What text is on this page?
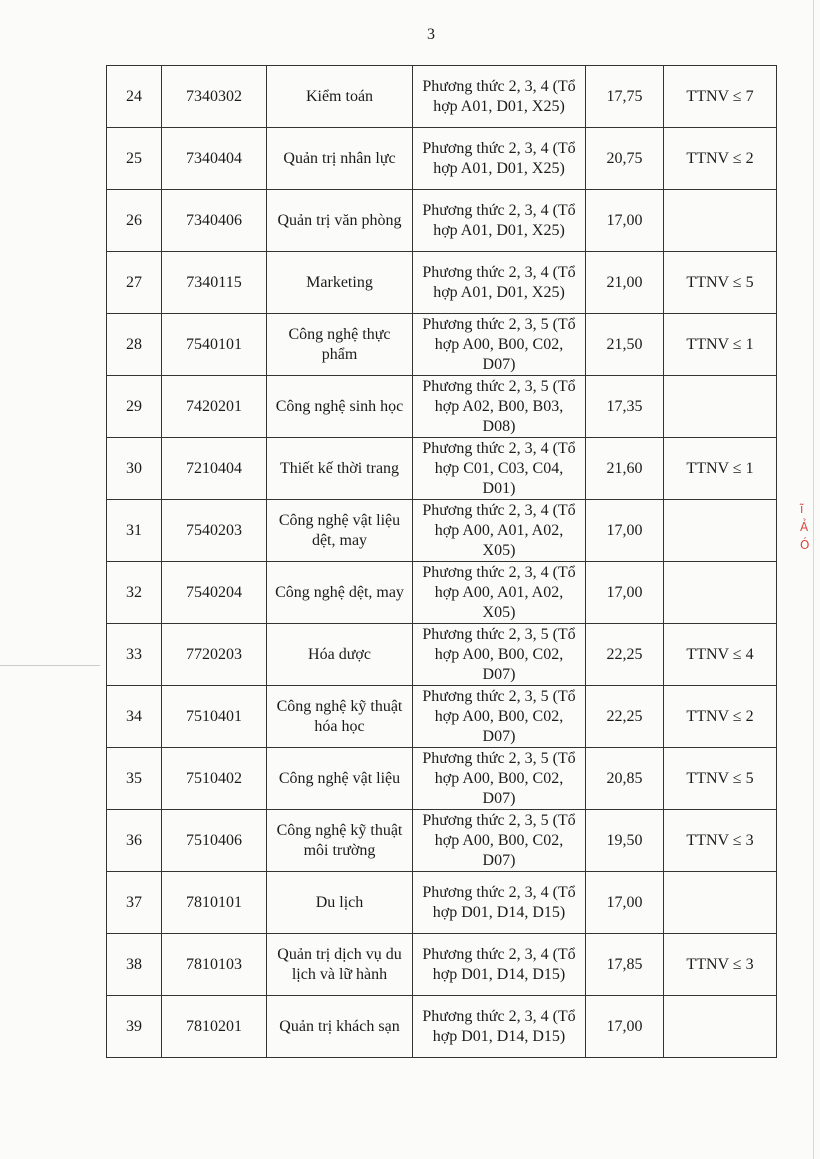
3
ĩ
Ả
Ó
24	7340302	Kiểm toán	Phương thức 2, 3, 4 (Tổ hợp A01, D01, X25)	17,75	TTNV ≤ 7
25	7340404	Quản trị nhân lực	Phương thức 2, 3, 4 (Tổ hợp A01, D01, X25)	20,75	TTNV ≤ 2
26	7340406	Quản trị văn phòng	Phương thức 2, 3, 4 (Tổ hợp A01, D01, X25)	17,00	
27	7340115	Marketing	Phương thức 2, 3, 4 (Tổ hợp A01, D01, X25)	21,00	TTNV ≤ 5
28	7540101	Công nghệ thực phẩm	Phương thức 2, 3, 5 (Tổ hợp A00, B00, C02, D07)	21,50	TTNV ≤ 1
29	7420201	Công nghệ sinh học	Phương thức 2, 3, 5 (Tổ hợp A02, B00, B03, D08)	17,35	
30	7210404	Thiết kế thời trang	Phương thức 2, 3, 4 (Tổ hợp C01, C03, C04, D01)	21,60	TTNV ≤ 1
31	7540203	Công nghệ vật liệu dệt, may	Phương thức 2, 3, 4 (Tổ hợp A00, A01, A02, X05)	17,00	
32	7540204	Công nghệ dệt, may	Phương thức 2, 3, 4 (Tổ hợp A00, A01, A02, X05)	17,00	
33	7720203	Hóa dược	Phương thức 2, 3, 5 (Tổ hợp A00, B00, C02, D07)	22,25	TTNV ≤ 4
34	7510401	Công nghệ kỹ thuật hóa học	Phương thức 2, 3, 5 (Tổ hợp A00, B00, C02, D07)	22,25	TTNV ≤ 2
35	7510402	Công nghệ vật liệu	Phương thức 2, 3, 5 (Tổ hợp A00, B00, C02, D07)	20,85	TTNV ≤ 5
36	7510406	Công nghệ kỹ thuật môi trường	Phương thức 2, 3, 5 (Tổ hợp A00, B00, C02, D07)	19,50	TTNV ≤ 3
37	7810101	Du lịch	Phương thức 2, 3, 4 (Tổ hợp D01, D14, D15)	17,00	
38	7810103	Quản trị dịch vụ du lịch và lữ hành	Phương thức 2, 3, 4 (Tổ hợp D01, D14, D15)	17,85	TTNV ≤ 3
39	7810201	Quản trị khách sạn	Phương thức 2, 3, 4 (Tổ hợp D01, D14, D15)	17,00	
